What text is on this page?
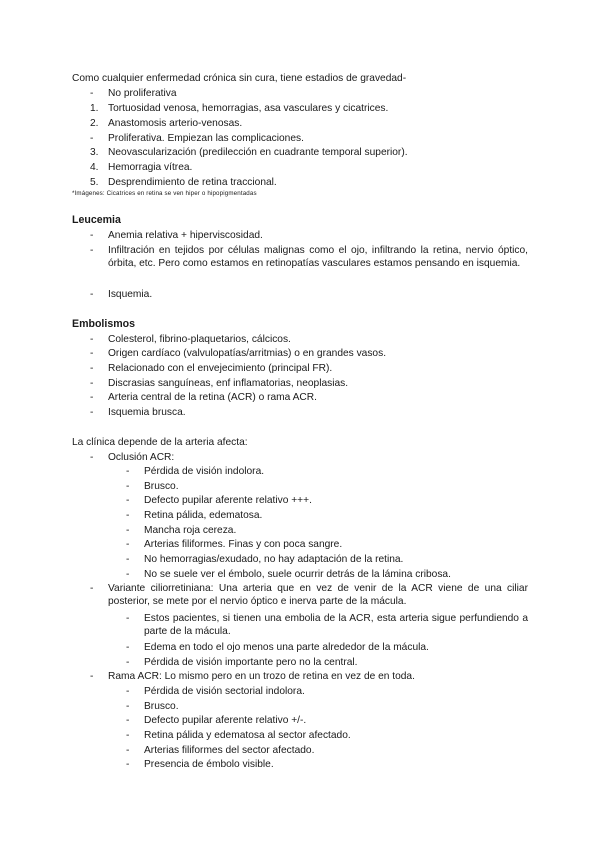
Como cualquier enfermedad crónica sin cura, tiene estadios de gravedad-
- No proliferativa
1. Tortuosidad venosa, hemorragias, asa vasculares y cicatrices.
2. Anastomosis arterio-venosas.
- Proliferativa. Empiezan las complicaciones.
3. Neovascularización (predilección en cuadrante temporal superior).
4. Hemorragia vítrea.
5. Desprendimiento de retina traccional.
*Imágenes: Cicatrices en retina se ven hiper o hipopigmentadas
Leucemia
- Anemia relativa + hiperviscosidad.
- Infiltración en tejidos por células malignas como el ojo, infiltrando la retina, nervio óptico, órbita, etc. Pero como estamos en retinopatías vasculares estamos pensando en isquemia.
- Isquemia.
Embolismos
- Colesterol, fibrino-plaquetarios, cálcicos.
- Origen cardíaco (valvulopatías/arritmias) o en grandes vasos.
- Relacionado con el envejecimiento (principal FR).
- Discrasias sanguíneas, enf inflamatorias, neoplasias.
- Arteria central de la retina (ACR) o rama ACR.
- Isquemia brusca.
La clínica depende de la arteria afecta:
- Oclusión ACR:
- Pérdida de visión indolora.
- Brusco.
- Defecto pupilar aferente relativo +++.
- Retina pálida, edematosa.
- Mancha roja cereza.
- Arterias filiformes. Finas y con poca sangre.
- No hemorragias/exudado, no hay adaptación de la retina.
- No se suele ver el émbolo, suele ocurrir detrás de la lámina cribosa.
- Variante ciliorretiniana: Una arteria que en vez de venir de la ACR viene de una ciliar posterior, se mete por el nervio óptico e inerva parte de la mácula.
- Estos pacientes, si tienen una embolia de la ACR, esta arteria sigue perfundiendo a parte de la mácula.
- Edema en todo el ojo menos una parte alrededor de la mácula.
- Pérdida de visión importante pero no la central.
- Rama ACR: Lo mismo pero en un trozo de retina en vez de en toda.
- Pérdida de visión sectorial indolora.
- Brusco.
- Defecto pupilar aferente relativo +/-.
- Retina pálida y edematosa al sector afectado.
- Arterias filiformes del sector afectado.
- Presencia de émbolo visible.
